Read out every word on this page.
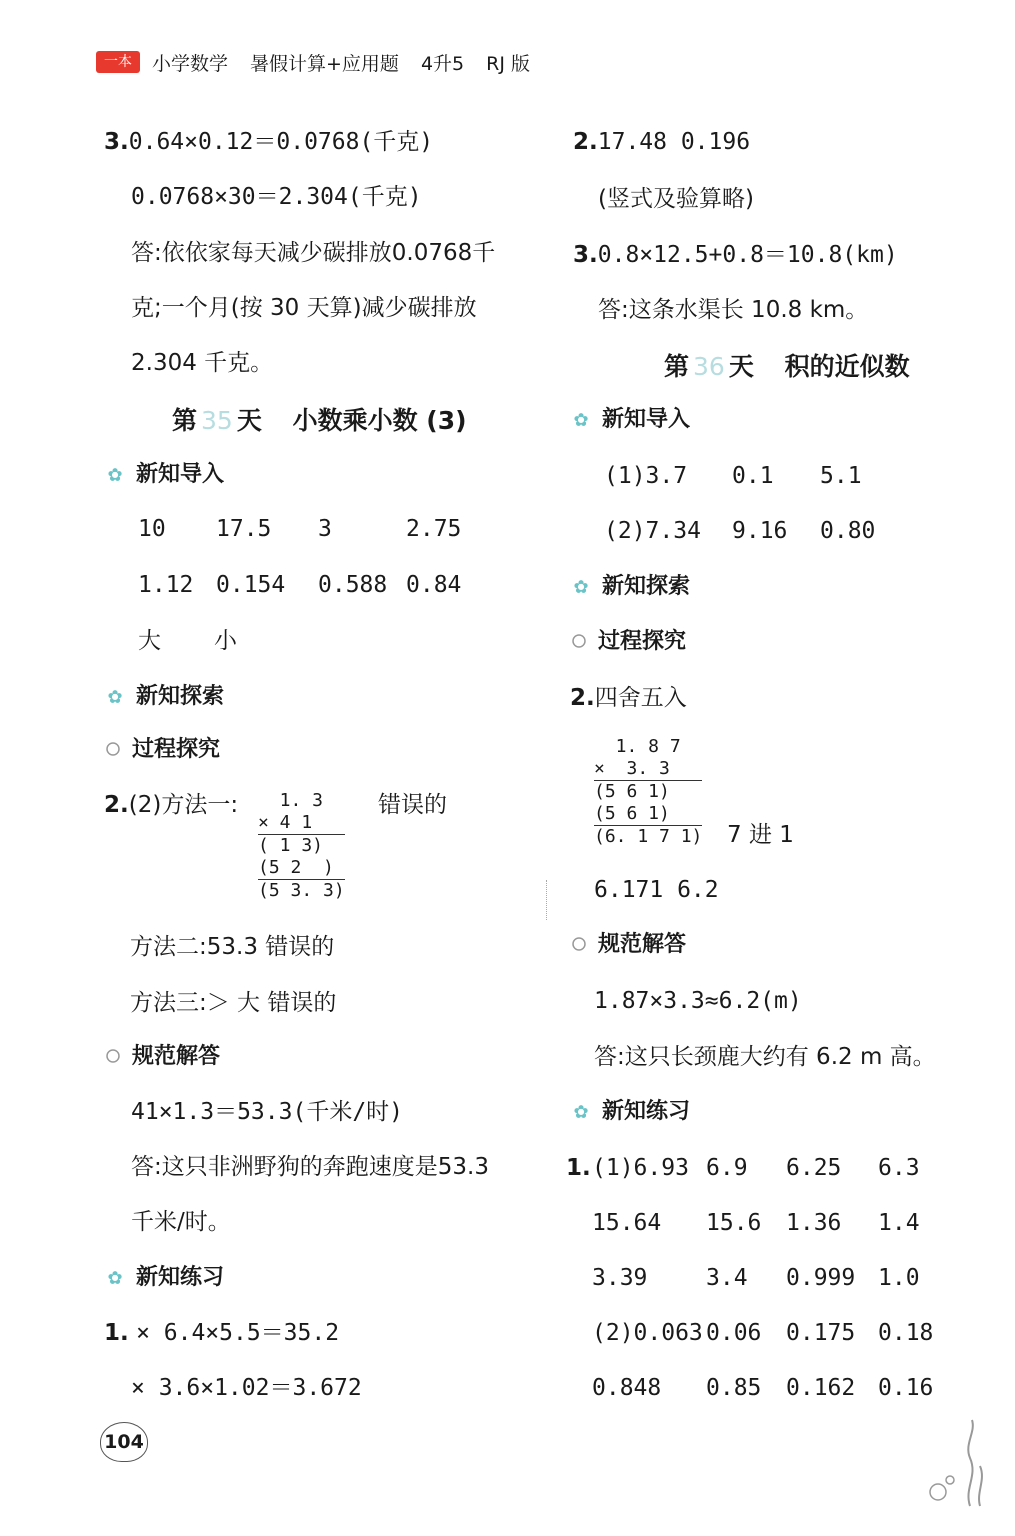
一本	小学数学 暑假计算+应用题 4升5 RJ 版
3.0.64×0.12＝0.0768(千克)
0.0768×30＝2.304(千克)
答:依依家每天减少碳排放0.0768千
克;一个月(按 30 天算)减少碳排放
2.304 千克。
第 35 天 小数乘小数 (3)
✿ 新知导入
10 17.5 3	2.75
1.12 0.154 0.588 0.84
大 小
✿ 新知探索
过程探究
2.(2)方法一:	错误的
1. 3
× 4 1
( 1 3)
(5 2  )
(5 3. 3)
方法二:53.3 错误的
方法三:＞ 大 错误的
规范解答
41×1.3＝53.3(千米/时)
答:这只非洲野狗的奔跑速度是53.3
千米/时。
✿ 新知练习
1. × 6.4×5.5＝35.2
× 3.6×1.02＝3.672
2.17.48 0.196
(竖式及验算略)
3.0.8×12.5+0.8＝10.8(km)
答:这条水渠长 10.8 km。
第 36 天 积的近似数
✿ 新知导入
(1)3.7 0.1 5.1
(2)7.34 9.16 0.80
✿ 新知探索
过程探究
2.四舍五入
1. 8 7
×  3. 3
(5 6 1)
(5 6 1)
(6. 1 7 1) 7 进 1
6.171 6.2
规范解答
1.87×3.3≈6.2(m)
答:这只长颈鹿大约有 6.2 m 高。
✿ 新知练习
1. (1)6.93 6.9 6.25 6.3
15.64 15.6 1.36 1.4
3.39	3.4 0.999 1.0
(2)0.063 0.06 0.175 0.18
0.848 0.85 0.162 0.16
104
